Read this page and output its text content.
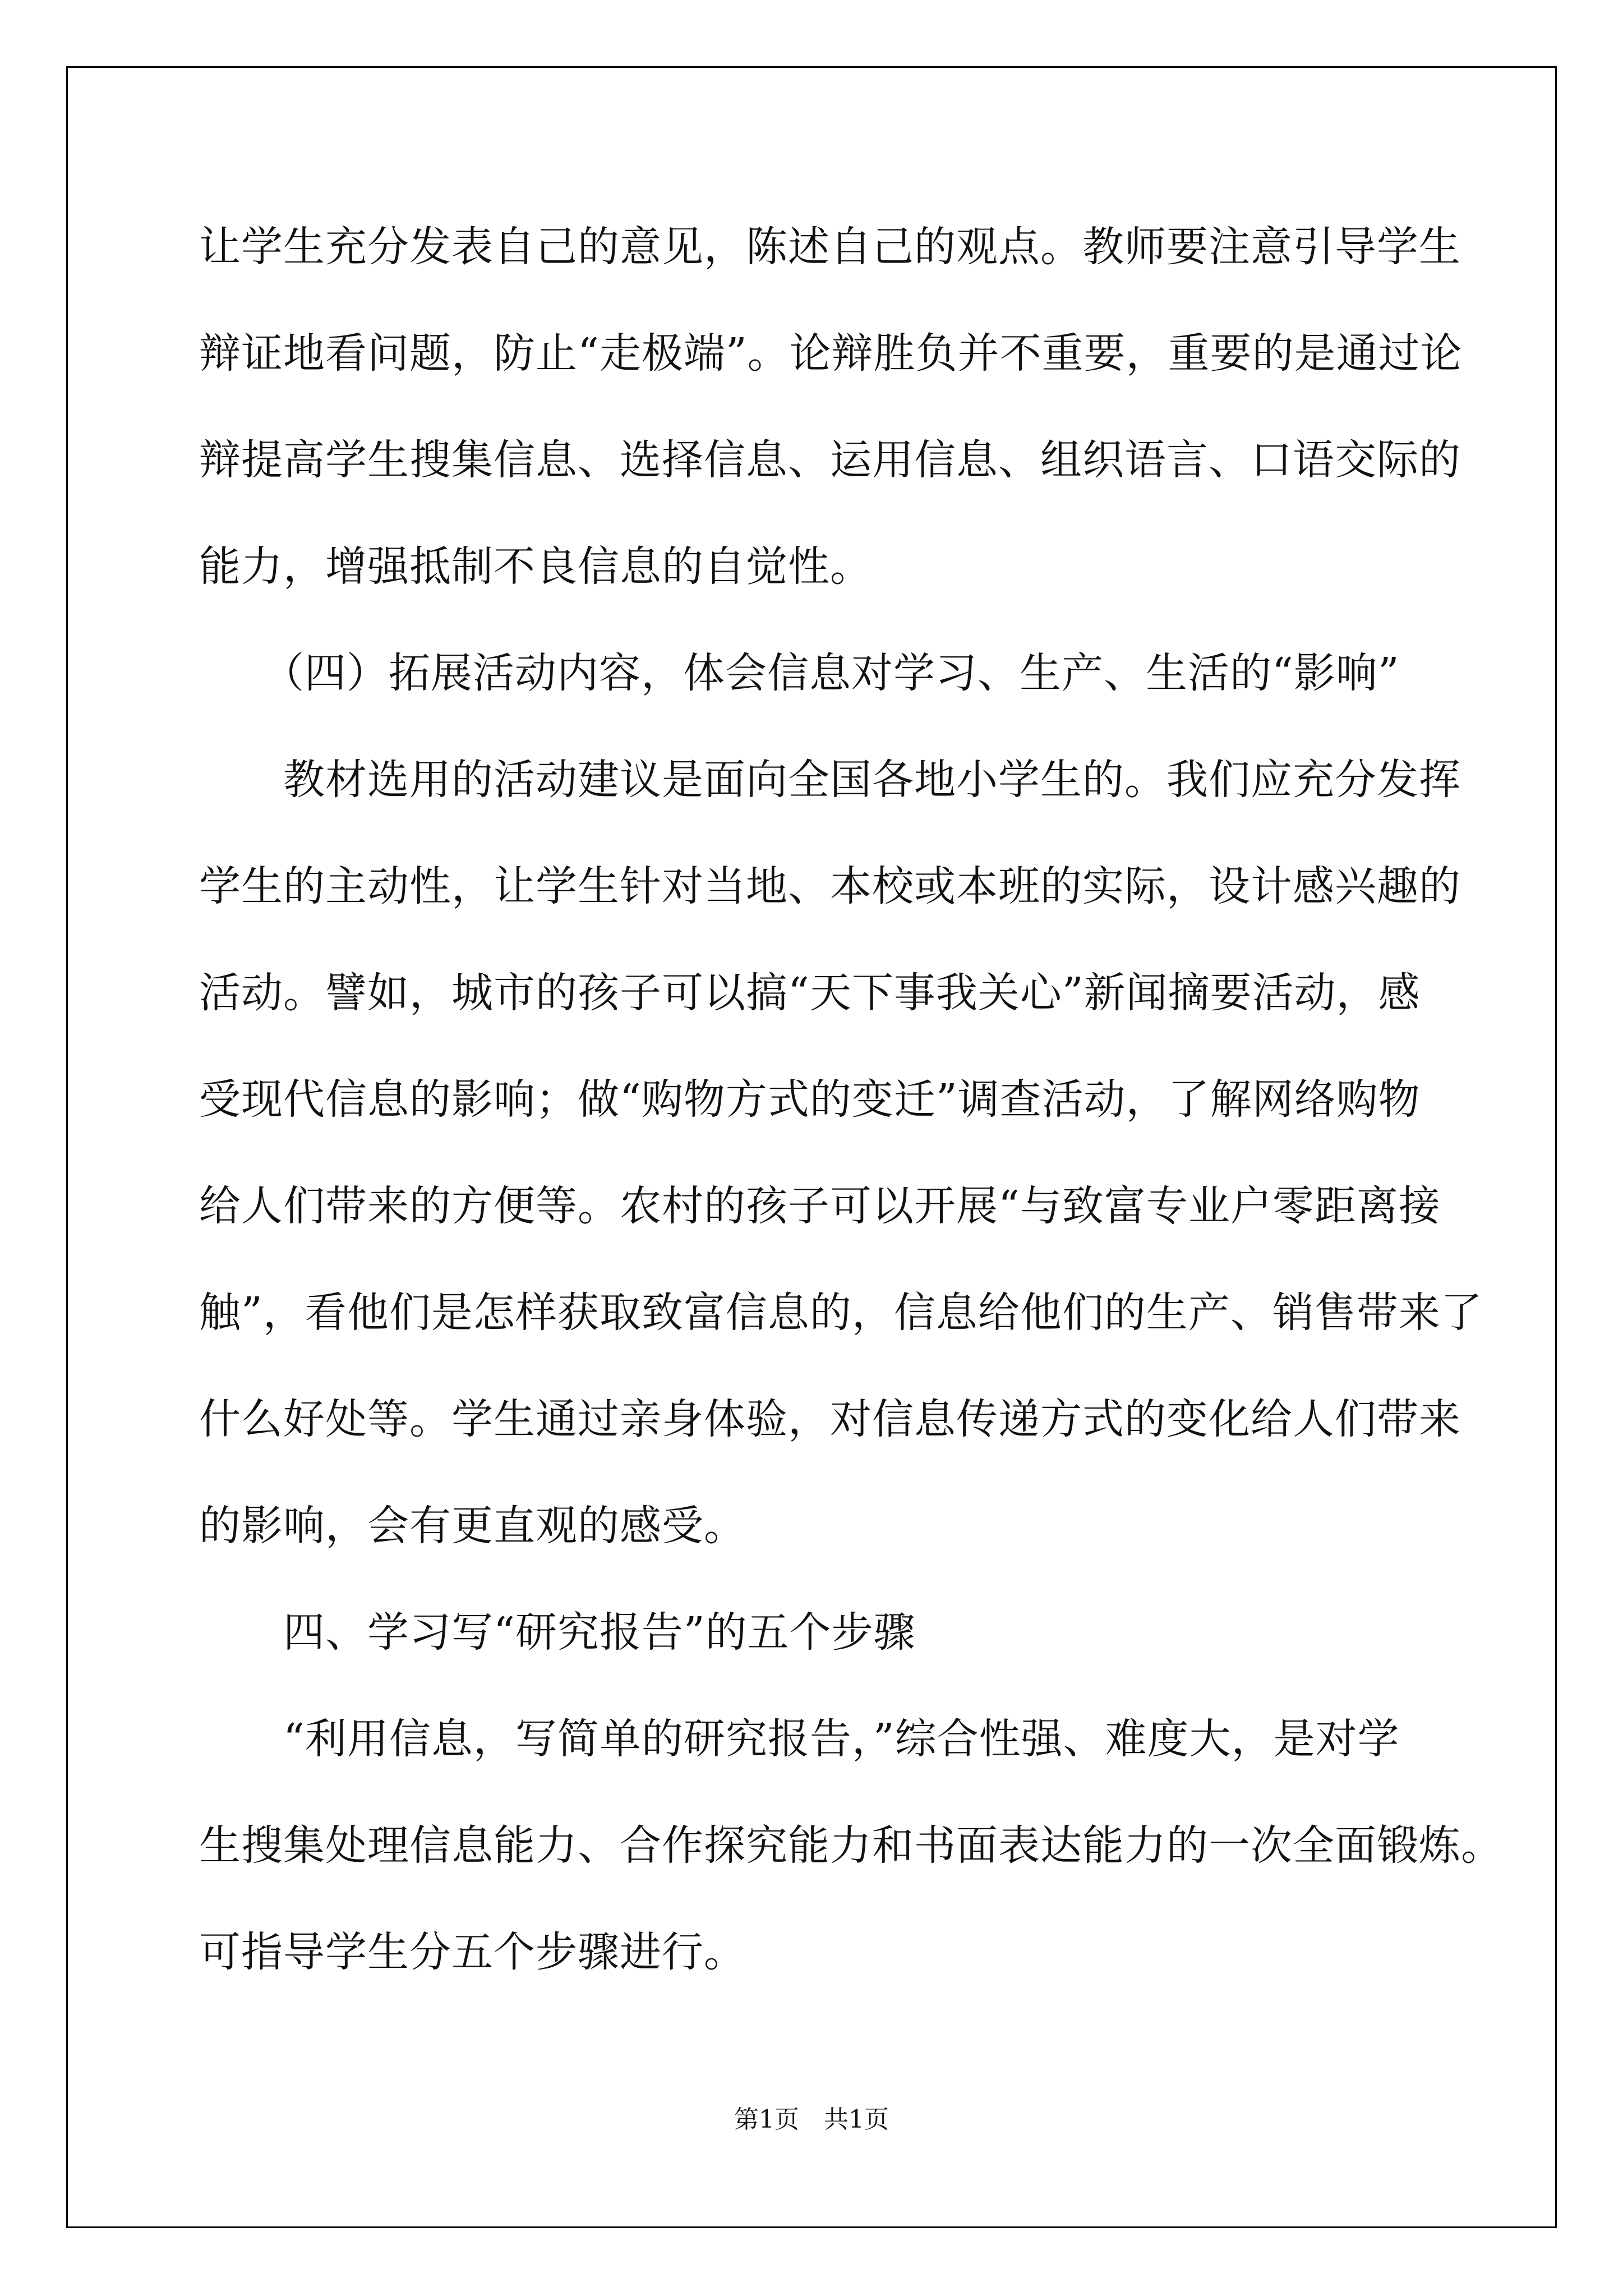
让学生充分发表自己的意见，陈述自己的观点。教师要注意引导学生
辩证地看问题，防止“走极端”。论辩胜负并不重要，重要的是通过论
辩提高学生搜集信息、选择信息、运用信息、组织语言、口语交际的
能力，增强抵制不良信息的自觉性。
　　（四）拓展活动内容，体会信息对学习、生产、生活的“影响”
　　教材选用的活动建议是面向全国各地小学生的。我们应充分发挥
学生的主动性，让学生针对当地、本校或本班的实际，设计感兴趣的
活动。譬如，城市的孩子可以搞“天下事我关心”新闻摘要活动，感
受现代信息的影响；做“购物方式的变迁”调查活动，了解网络购物
给人们带来的方便等。农村的孩子可以开展“与致富专业户零距离接
触”，看他们是怎样获取致富信息的，信息给他们的生产、销售带来了
什么好处等。学生通过亲身体验，对信息传递方式的变化给人们带来
的影响，会有更直观的感受。
　　四、学习写“研究报告”的五个步骤
　　“利用信息，写简单的研究报告，”综合性强、难度大，是对学
生搜集处理信息能力、合作探究能力和书面表达能力的一次全面锻炼。
可指导学生分五个步骤进行。
第1页　共1页
